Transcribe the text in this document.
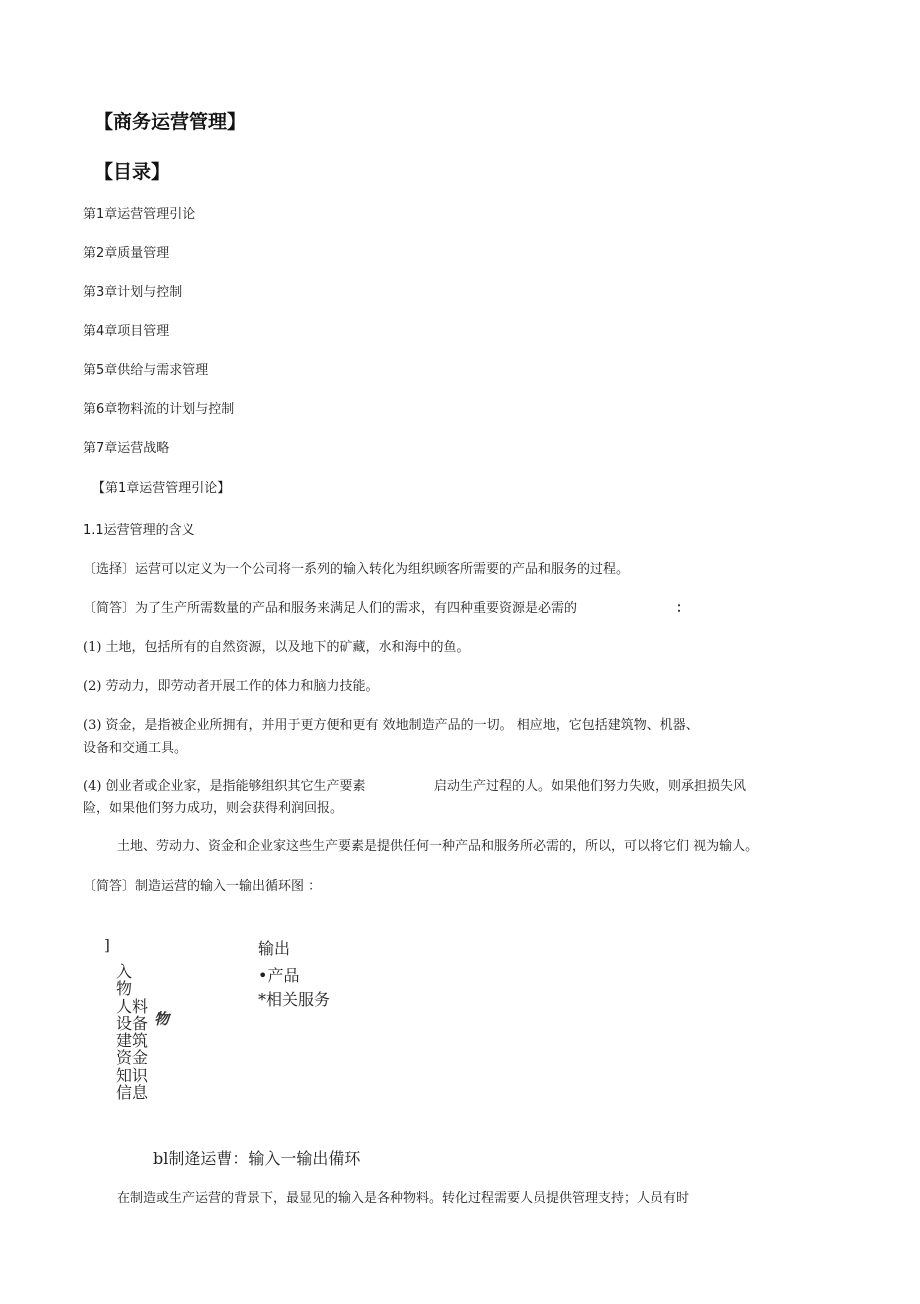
【商务运营管理】
【目录】
第1章运营管理引论
第2章质量管理
第3章计划与控制
第4章项目管理
第5章供给与需求管理
第6章物料流的计划与控制
第7章运营战略
【第1章运营管理引论】
1.1运营管理的含义
〔选择〕运营可以定义为一个公司将一系列的输入转化为组织顾客所需要的产品和服务的过程。
〔简答〕为了生产所需数量的产品和服务来满足人们的需求，有四种重要资源是必需的	：
(1) 土地，包括所有的自然资源，以及地下的矿藏，水和海中的鱼。
(2) 劳动力，即劳动者开展工作的体力和脑力技能。
(3) 资金，是指被企业所拥有，并用于更方便和更有 效地制造产品的一切。 相应地，它包括建筑物、机器、
设备和交通工具。
(4) 创业者或企业家，是指能够组织其它生产要素	启动生产过程的人。如果他们努力失败，则承担损失风
险，如果他们努力成功，则会获得利润回报。
土地、劳动力、资金和企业家这些生产要素是提供任何一种产品和服务所必需的，所以，可以将它们 视为输人。
〔简答〕制造运营的输入一输出循环图 ：
]
入
物
人料
设备
建筑
资金
知识
信息
物
输出
•产品
*相关服务
bl制逄运曹：输入一输出備环
在制造或生产运营的背景下，最显见的输入是各种物料。转化过程需要人员提供管理支持；人员有时
